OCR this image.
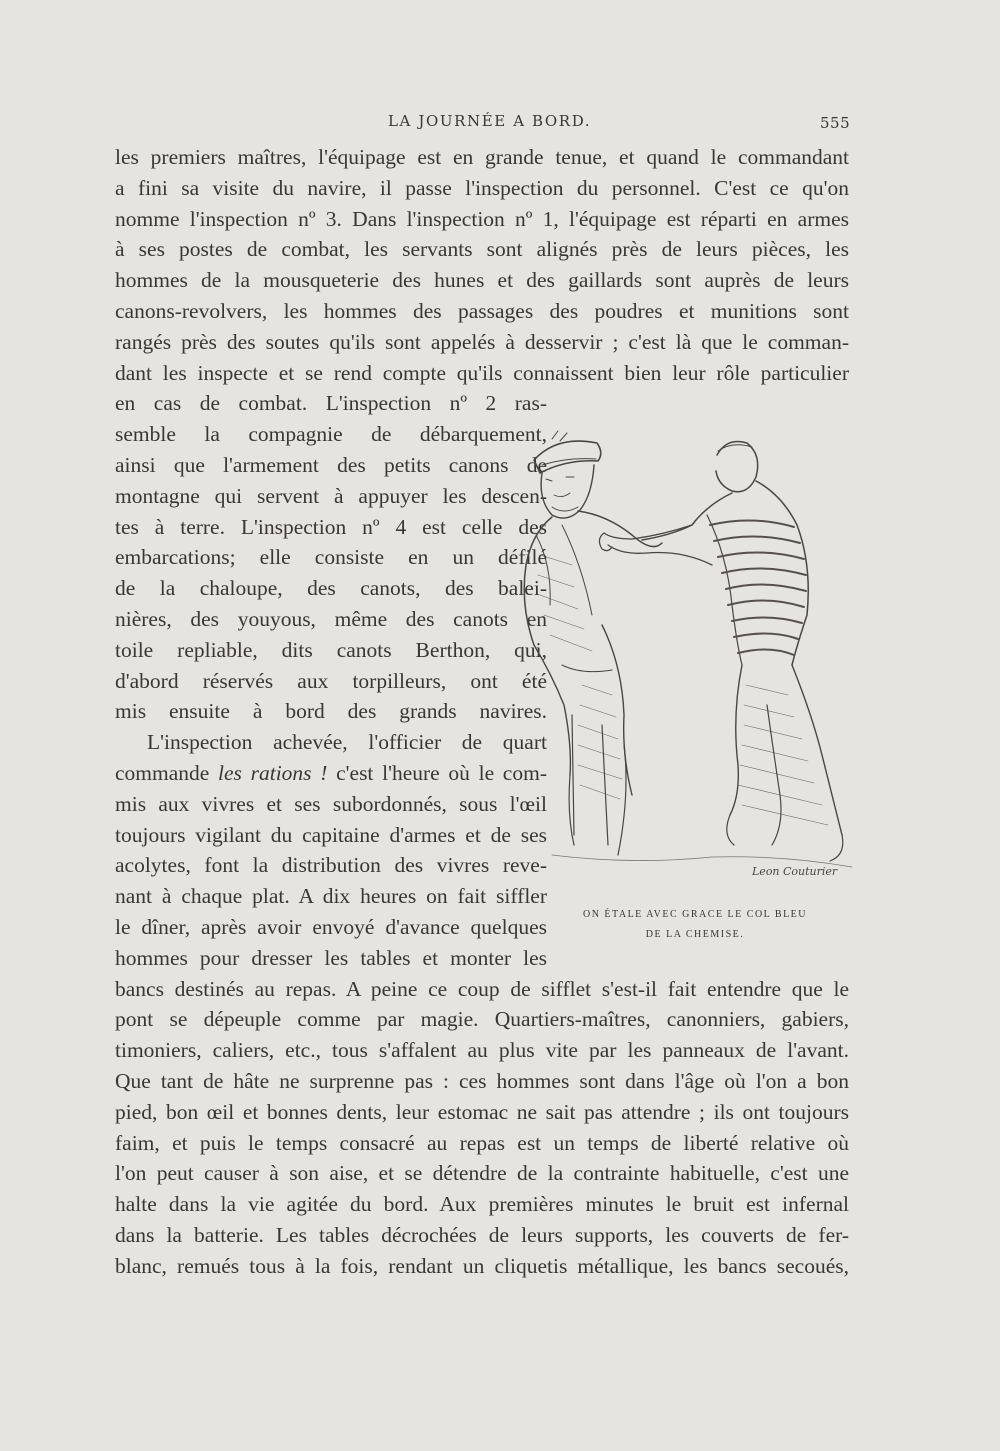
LA JOURNÉE A BORD.	555
les premiers maîtres, l'équipage est en grande tenue, et quand le commandant
a fini sa visite du navire, il passe l'inspection du personnel. C'est ce qu'on
nomme l'inspection nº 3. Dans l'inspection nº 1, l'équipage est réparti en armes
à ses postes de combat, les servants sont alignés près de leurs pièces, les
hommes de la mousqueterie des hunes et des gaillards sont auprès de leurs
canons-revolvers, les hommes des passages des poudres et munitions sont
rangés près des soutes qu'ils sont appelés à desservir ; c'est là que le comman-
dant les inspecte et se rend compte qu'ils connaissent bien leur rôle particulier
en cas de combat. L'inspection nº 2 ras-
semble la compagnie de débarquement,
ainsi que l'armement des petits canons de
montagne qui servent à appuyer les descen-
tes à terre. L'inspection nº 4 est celle des
embarcations; elle consiste en un défilé
de la chaloupe, des canots, des balei-
nières, des youyous, même des canots en
toile repliable, dits canots Berthon, qui,
d'abord réservés aux torpilleurs, ont été
mis ensuite à bord des grands navires.
L'inspection achevée, l'officier de quart
commande les rations ! c'est l'heure où le com-
mis aux vivres et ses subordonnés, sous l'œil
toujours vigilant du capitaine d'armes et de ses
acolytes, font la distribution des vivres reve-
nant à chaque plat. A dix heures on fait siffler
le dîner, après avoir envoyé d'avance quelques
hommes pour dresser les tables et monter les
bancs destinés au repas. A peine ce coup de sifflet s'est-il fait entendre que le
pont se dépeuple comme par magie. Quartiers-maîtres, canonniers, gabiers,
timoniers, caliers, etc., tous s'affalent au plus vite par les panneaux de l'avant.
Que tant de hâte ne surprenne pas : ces hommes sont dans l'âge où l'on a bon
pied, bon œil et bonnes dents, leur estomac ne sait pas attendre ; ils ont toujours
faim, et puis le temps consacré au repas est un temps de liberté relative où
l'on peut causer à son aise, et se détendre de la contrainte habituelle, c'est une
halte dans la vie agitée du bord. Aux premières minutes le bruit est infernal
dans la batterie. Les tables décrochées de leurs supports, les couverts de fer-
blanc, remués tous à la fois, rendant un cliquetis métallique, les bancs secoués,
Leon Couturier
ON ÉTALE AVEC GRACE LE COL BLEU
DE LA CHEMISE.
